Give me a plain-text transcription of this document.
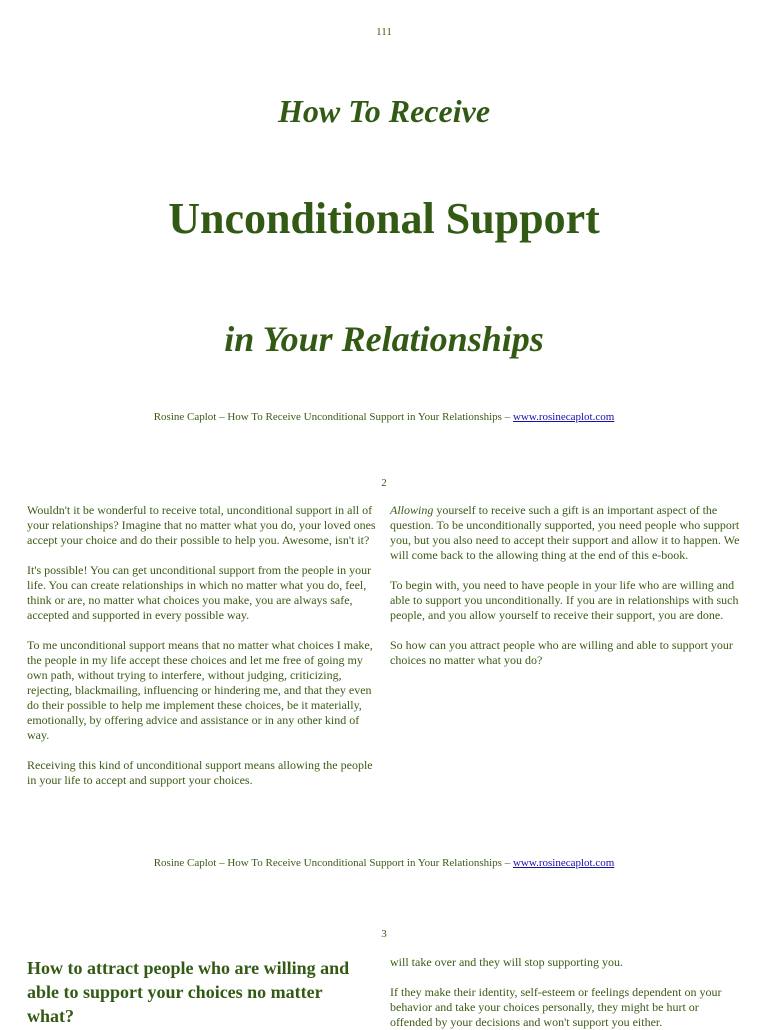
111
How To Receive
Unconditional Support
in Your Relationships
Rosine Caplot – How To Receive Unconditional Support in Your Relationships – www.rosinecaplot.com
2

Wouldn't it be wonderful to receive total, unconditional support in all of your relationships? Imagine that no matter what you do, your loved ones accept your choice and do their possible to help you. Awesome, isn't it?

It's possible! You can get unconditional support from the people in your life. You can create relationships in which no matter what you do, feel, think or are, no matter what choices you make, you are always safe, accepted and supported in every possible way.

To me unconditional support means that no matter what choices I make, the people in my life accept these choices and let me free of going my own path, without trying to interfere, without judging, criticizing, rejecting, blackmailing, influencing or hindering me, and that they even do their possible to help me implement these choices, be it materially, emotionally, by offering advice and assistance or in any other kind of way.

Receiving this kind of unconditional support means allowing the people in your life to accept and support your choices.

Allowing yourself to receive such a gift is an important aspect of the question. To be unconditionally supported, you need people who support you, but you also need to accept their support and allow it to happen. We will come back to the allowing thing at the end of this e-book.

To begin with, you need to have people in your life who are willing and able to support you unconditionally. If you are in relationships with such people, and you allow yourself to receive their support, you are done.

So how can you attract people who are willing and able to support your choices no matter what you do?

Rosine Caplot – How To Receive Unconditional Support in Your Relationships – www.rosinecaplot.com
3
How to attract people who are willing and able to support your choices no matter what?

will take over and they will stop supporting you.

If they make their identity, self-esteem or feelings dependent on your behavior and take your choices personally, they might be hurt or offended by your decisions and won't support you either.
